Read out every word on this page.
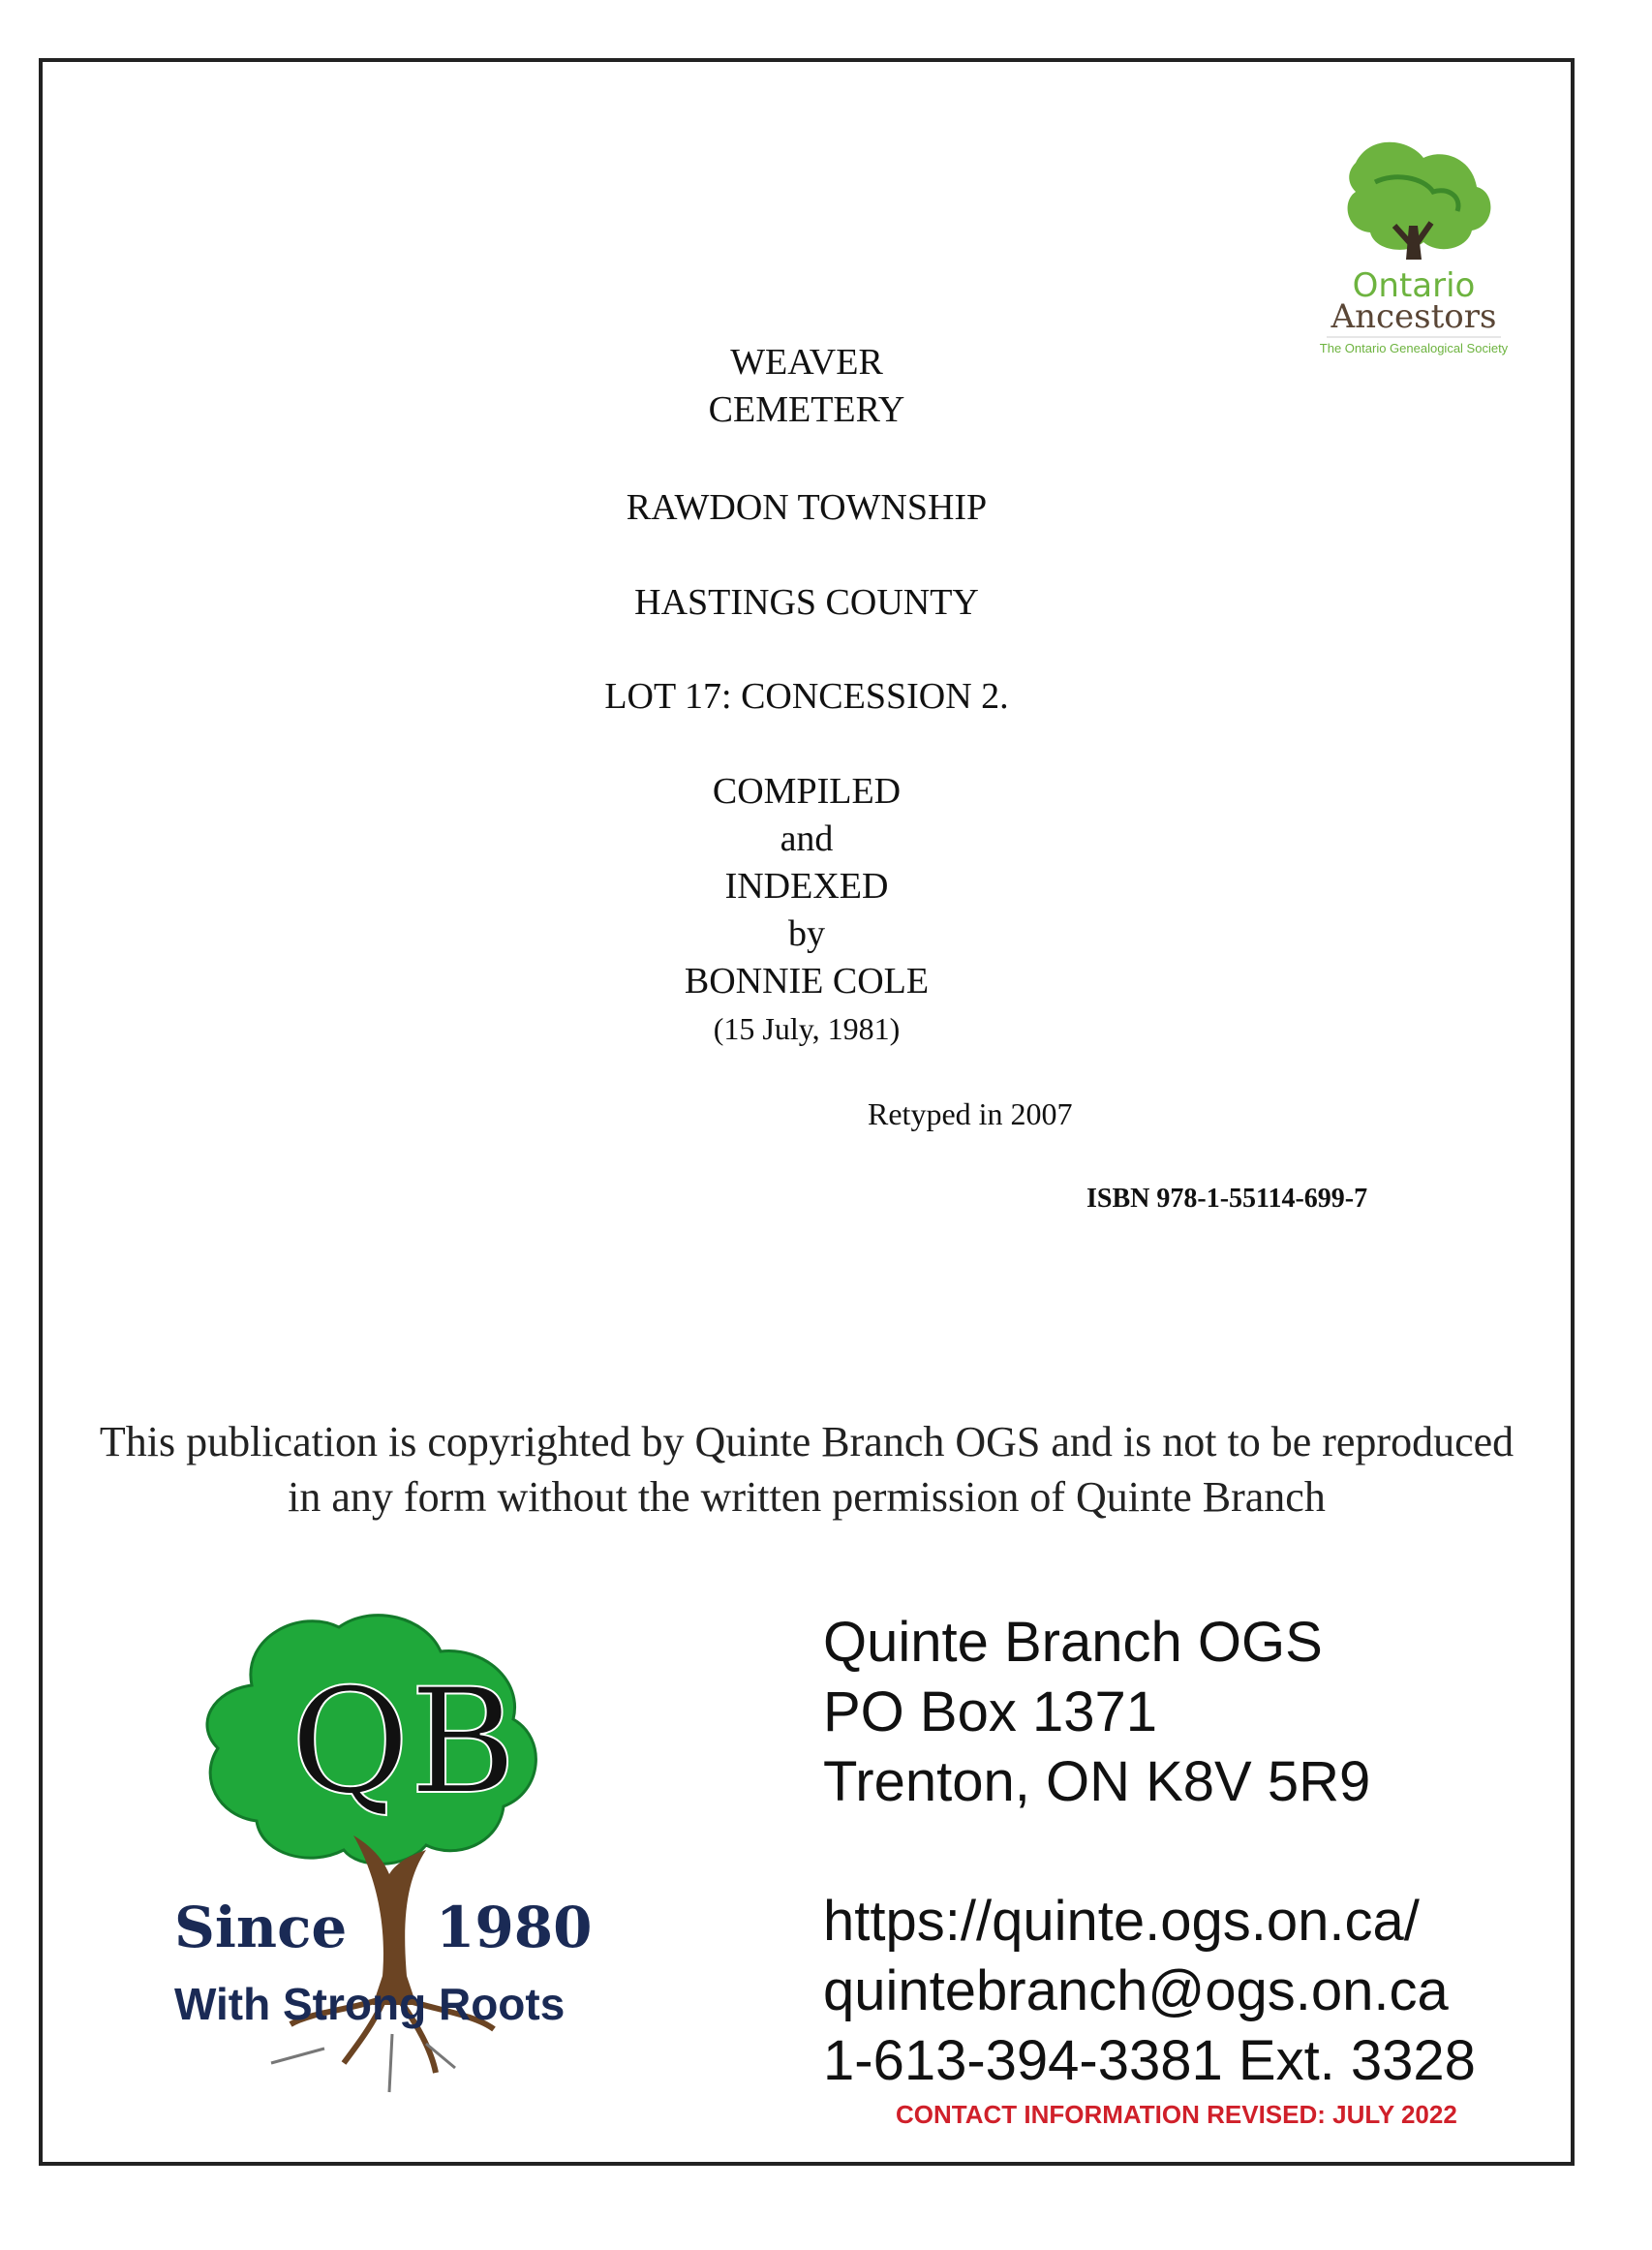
Ontario
Ancestors
The Ontario Genealogical Society
WEAVER
CEMETERY
RAWDON TOWNSHIP
HASTINGS COUNTY
LOT 17: CONCESSION 2.
COMPILED
and
INDEXED
by
BONNIE COLE
(15 July, 1981)
Retyped in 2007
ISBN 978-1-55114-699-7
This publication is copyrighted by Quinte Branch OGS and is not to be reproduced
in any form without the written permission of Quinte Branch
QB
Since 1980
With Strong Roots
Quinte Branch OGS
PO Box 1371
Trenton, ON K8V 5R9
https://quinte.ogs.on.ca/
quintebranch@ogs.on.ca
1-613-394-3381 Ext. 3328
CONTACT INFORMATION REVISED: JULY 2022
